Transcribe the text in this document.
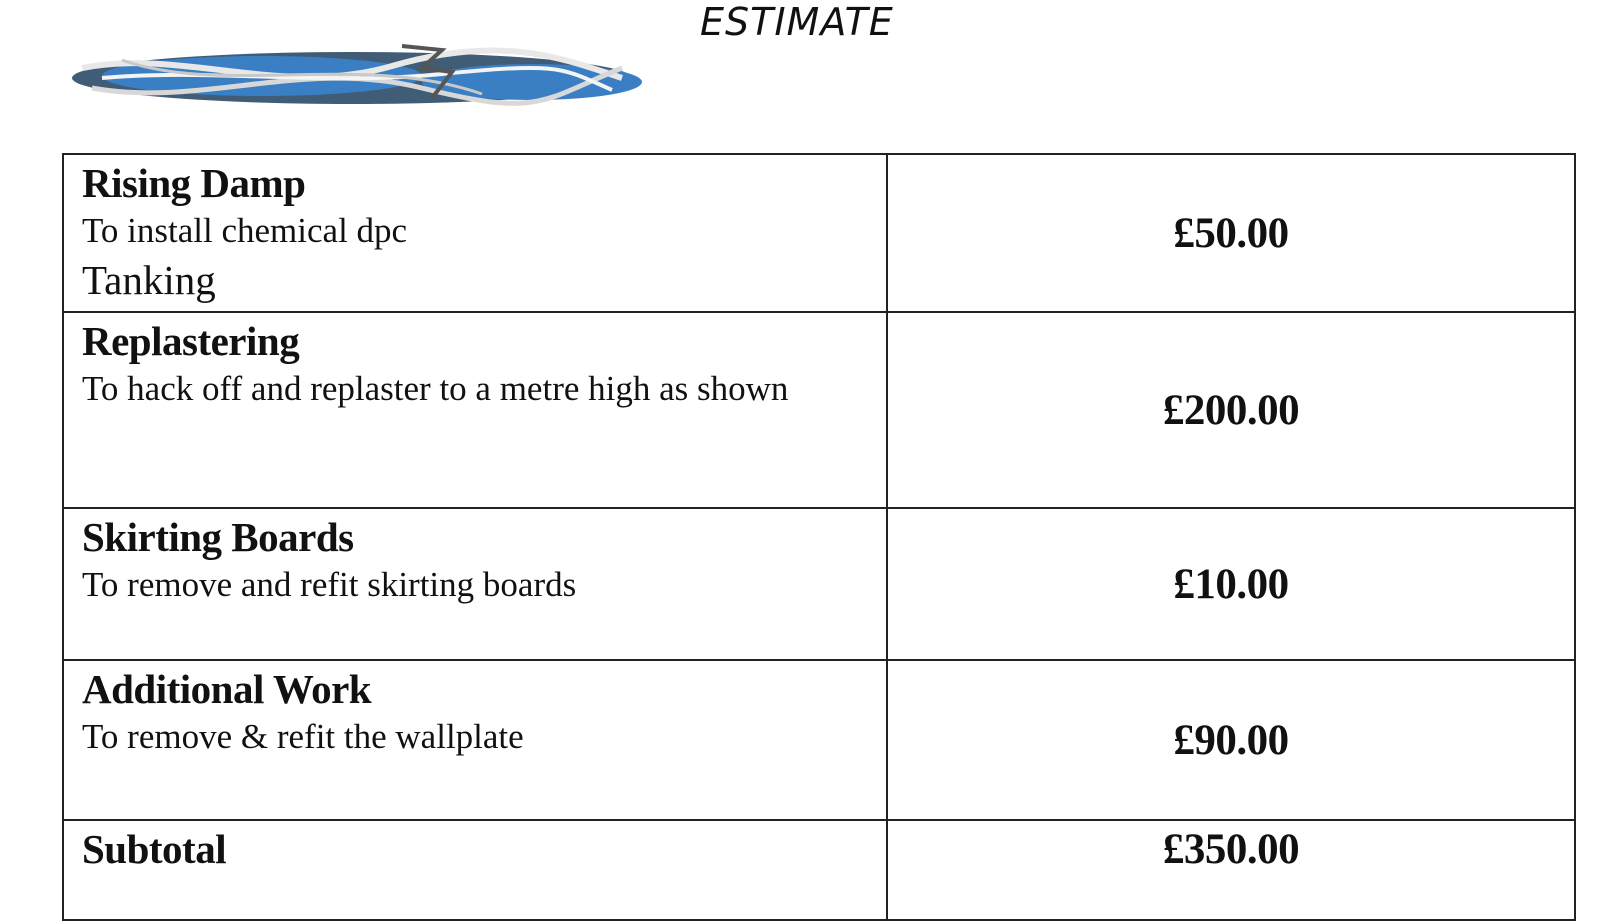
ESTIMATE
Rising Damp
To install chemical dpc
Tanking	£50.00

Replastering
To hack off and replaster to a metre high as shown	£200.00

Skirting Boards
To remove and refit skirting boards	£10.00

Additional Work
To remove & refit the wallplate	£90.00

Subtotal	£350.00
